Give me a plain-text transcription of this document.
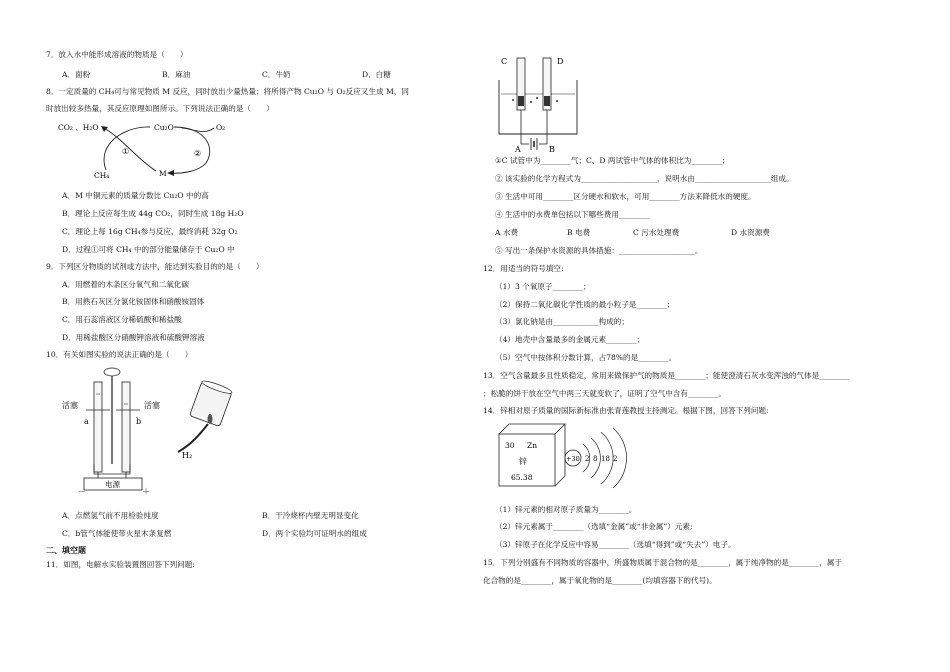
7．放入水中能形成溶液的物质是（　　）
A．面粉	B．麻油	C．牛奶	D．白糖
8．一定质量的 CH₄可与常见物质 M 反应，同时放出少量热量；将所得产物 Cu₂O 与 O₂反应又生成 M，同
时放出较多热量，其反应原理如图所示。下列说法正确的是（　　）
CO₂ 、H₂O	Cu₂O	O₂
CH₄	M
①	②
A．M 中铜元素的质量分数比 Cu₂O 中的高
B．理论上反应每生成 44g CO₂，同时生成 18g H₂O
C．理论上每 16g CH₄参与反应，最终消耗 32g O₂
D．过程①可将 CH₄ 中的部分能量储存于 Cu₂O 中
9．下列区分物质的试剂或方法中，能达到实验目的的是（　　）
A．用燃着的木条区分氧气和二氧化碳
B．用熟石灰区分氯化铵固体和硝酸铵固体
C．用石蕊溶液区分稀硫酸和稀盐酸
D．用稀盐酸区分硝酸钾溶液和硫酸钾溶液
10．有关如图实验的说法正确的是（　　）
活塞	活塞
a	b
电源
－	＋
H₂
A．点燃氢气前不用检验纯度	B．干冷烧杯内壁无明显变化
C．b管气体能使带火星木条复燃	D．两个实验均可证明水的组成
二、填空题
11．如图，电解水实验装置图回答下列问题:
C	D
A	B
①C 试管中为________气；C、D 两试管中气体的体积比为________；
② 该实验的化学方程式为____________________，说明水由____________________组成。
③ 生活中可用________区分硬水和软水，可用________方法来降低水的硬度。
④ 生活中的水费单包括以下哪些费用________
A 水费	B 电费	C 污水处理费	D 水资源费
⑤ 写出一条保护水资源的具体措施：____________________。
12．用适当的符号填空:
（1）3 个氧原子________；
（2）保持二氧化碳化学性质的最小粒子是________；
（3）氯化钠是由____________构成的；
（4）地壳中含量最多的金属元素________；
（5）空气中按体积分数计算，占78%的是________。
13．空气含量最多且性质稳定，常用来做保护气的物质是________；能使澄清石灰水变浑浊的气体是________
；松脆的饼干放在空气中两三天就变软了，证明了空气中含有________。
14．锌相对原子质量的国际新标准由张青莲教授主持测定。根据下图，回答下列问题:
30 Zn
锌
65.38
+30 2 8 18 2
（1）锌元素的相对原子质量为________。
（2）锌元素属于________（选填“金属”或“非金属”）元素;
（3）锌原子在化学反应中容易________（选填“得到”或“失去”）电子。
15．下列分别盛有不同物质的容器中，所盛物质属于混合物的是________，属于纯净物的是________，属于
化合物的是________，属于氧化物的是________(均填容器下的代号)。
